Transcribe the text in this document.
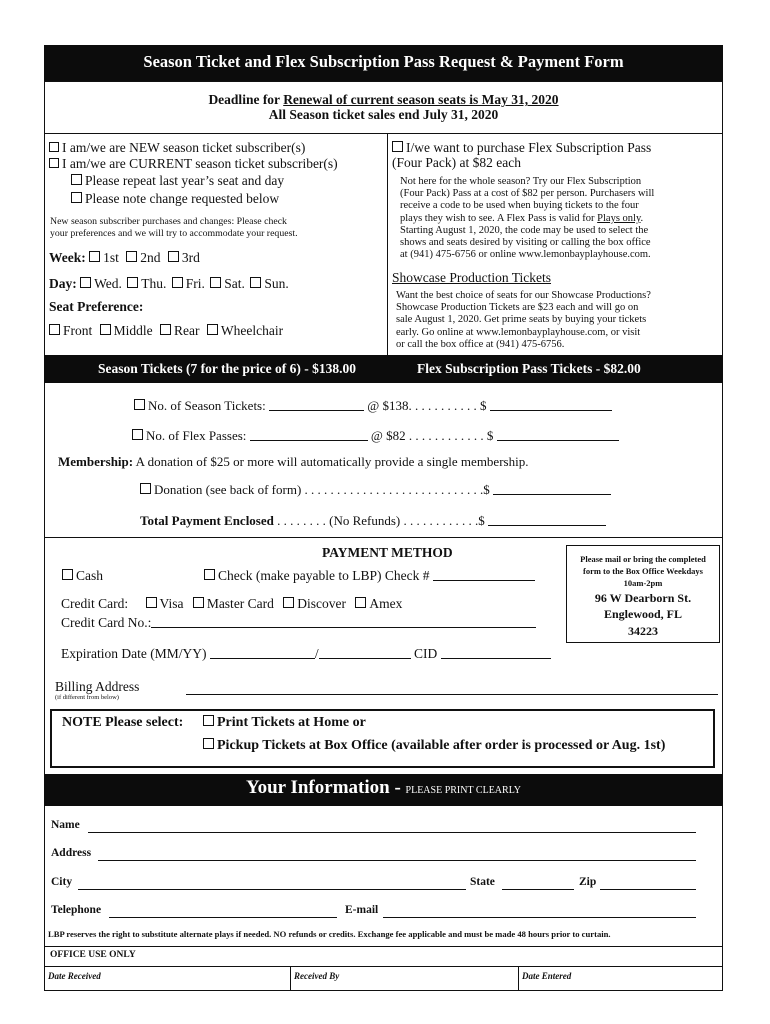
Season Ticket and Flex Subscription Pass Request & Payment Form
Deadline for Renewal of current season seats is May 31, 2020
All Season ticket sales end July 31, 2020
I am/we are NEW season ticket subscriber(s)
I am/we are CURRENT season ticket subscriber(s)
Please repeat last year’s seat and day
Please note change requested below
New season subscriber purchases and changes: Please check
your preferences and we will try to accommodate your request.
Week: 1st 2nd 3rd
Day: Wed. Thu. Fri. Sat. Sun.
Seat Preference:
Front Middle Rear Wheelchair
I/we want to purchase Flex Subscription Pass
(Four Pack) at $82 each
Not here for the whole season? Try our Flex Subscription
(Four Pack) Pass at a cost of $82 per person. Purchasers will
receive a code to be used when buying tickets to the four
plays they wish to see. A Flex Pass is valid for Plays only.
Starting August 1, 2020, the code may be used to select the
shows and seats desired by visiting or calling the box office
at (941) 475-6756 or online www.lemonbayplayhouse.com.
Showcase Production Tickets
Want the best choice of seats for our Showcase Productions?
Showcase Production Tickets are $23 each and will go on
sale August 1, 2020. Get prime seats by buying your tickets
early. Go online at www.lemonbayplayhouse.com, or visit
or call the box office at (941) 475-6756.
Season Tickets (7 for the price of 6) - $138.00	Flex Subscription Pass Tickets - $82.00
No. of Season Tickets:	@ $138. . . . . . . . . . . $
No. of Flex Passes:	@ $82 . . . . . . . . . . . . $
Membership: A donation of $25 or more will automatically provide a single membership.
Donation (see back of form) . . . . . . . . . . . . . . . . . . . . . . . . . . . .$
Total Payment Enclosed . . . . . . . . (No Refunds) . . . . . . . . . . . .$
PAYMENT METHOD	Please mail or bring the completed
form to the Box Office Weekdays
10am-2pm
96 W Dearborn St.
Englewood, FL
34223
Cash	Check (make payable to LBP) Check #
Credit Card: Visa Master Card Discover Amex
Credit Card No.:
Expiration Date (MM/YY)	/	CID
Billing Address
(if different from below)
NOTE Please select:	Print Tickets at Home or
Pickup Tickets at Box Office (available after order is processed or Aug. 1st)
Your Information - PLEASE PRINT CLEARLY
Name
Address
City	State	Zip
Telephone	E-mail
LBP reserves the right to substitute alternate plays if needed. NO refunds or credits. Exchange fee applicable and must be made 48 hours prior to curtain.
OFFICE USE ONLY
Date Received	Received By	Date Entered
